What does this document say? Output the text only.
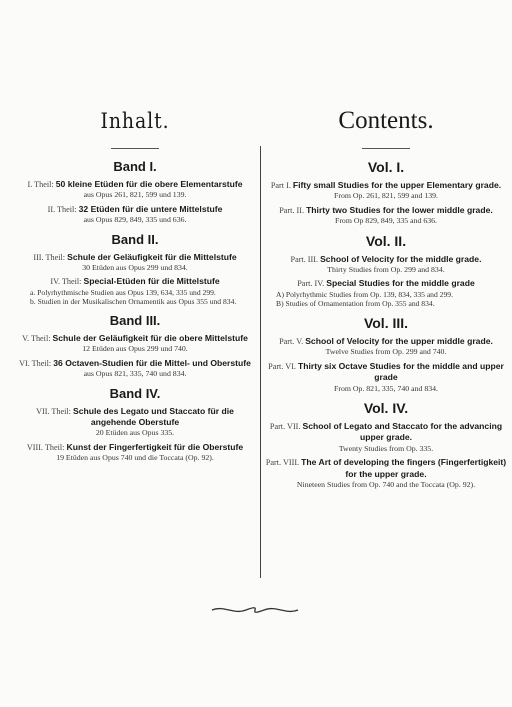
Inhalt.
Band I.
I. Theil: 50 kleine Etüden für die obere Elementarstufe
aus Opus 261, 821, 599 und 139.
II. Theil: 32 Etüden für die untere Mittelstufe
aus Opus 829, 849, 335 und 636.
Band II.
III. Theil: Schule der Geläufigkeit für die Mittelstufe
30 Etüden aus Opus 299 und 834.
IV. Theil: Special-Etüden für die Mittelstufe
a. Polyrhythmische Studien aus Opus 139, 634, 335 und 299.
b. Studien in der Musikalischen Ornamentik aus Opus 355 und 834.
Band III.
V. Theil: Schule der Geläufigkeit für die obere Mittelstufe
12 Etüden aus Opus 299 und 740.
VI. Theil: 36 Octaven-Studien für die Mittel- und Oberstufe
aus Opus 821, 335, 740 und 834.
Band IV.
VII. Theil: Schule des Legato und Staccato für die angehende Oberstufe
20 Etüden aus Opus 335.
VIII. Theil: Kunst der Fingerfertigkeit für die Oberstufe
19 Etüden aus Opus 740 und die Toccata (Op. 92).
Contents.
Vol. I.
Part I. Fifty small Studies for the upper Elementary grade.
From Op. 261, 821, 599 and 139.
Part. II. Thirty two Studies for the lower middle grade.
From Op 829, 849, 335 and 636.
Vol. II.
Part. III. School of Velocity for the middle grade.
Thirty Studies from Op. 299 and 834.
Part. IV. Special Studies for the middle grade
A) Polyrhythmic Studies from Op. 139, 834, 335 and 299.
B) Studies of Ornamentation from Op. 355 and 834.
Vol. III.
Part. V. School of Velocity for the upper middle grade.
Twelve Studies from Op. 299 and 740.
Part. VI. Thirty six Octave Studies for the middle and upper grade
From Op. 821, 335, 740 and 834.
Vol. IV.
Part. VII. School of Legato and Staccato for the advancing upper grade.
Twenty Studies from Op. 335.
Part. VIII. The Art of developing the fingers (Fingerfertigkeit) for the upper grade.
Nineteen Studies from Op. 740 and the Toccata (Op. 92).
